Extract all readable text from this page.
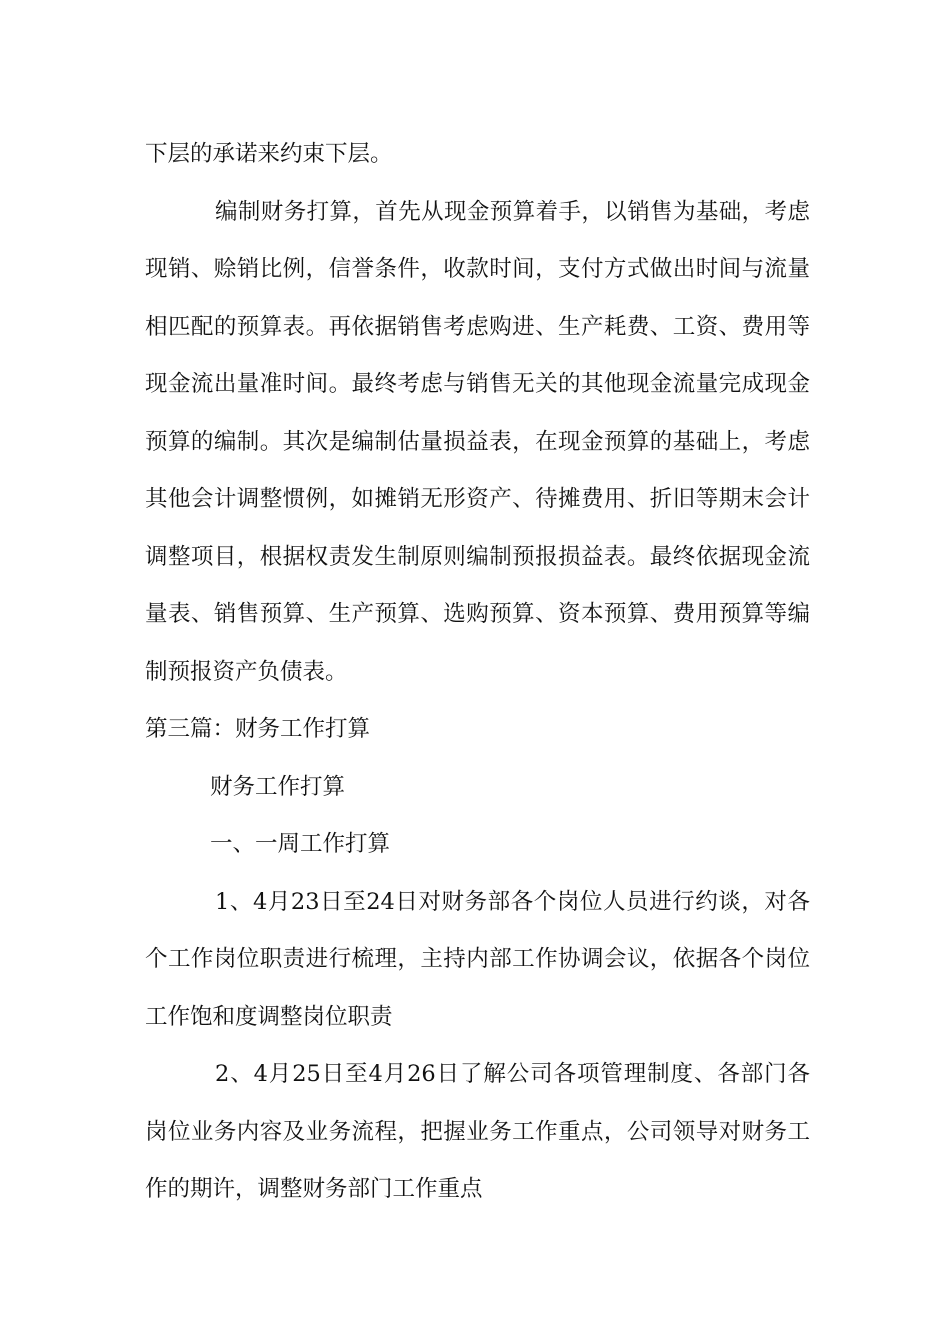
下层的承诺来约束下层。

编制财务打算，首先从现金预算着手，以销售为基础，考虑现销、赊销比例，信誉条件，收款时间，支付方式做出时间与流量相匹配的预算表。再依据销售考虑购进、生产耗费、工资、费用等现金流出量准时间。最终考虑与销售无关的其他现金流量完成现金预算的编制。其次是编制估量损益表，在现金预算的基础上，考虑其他会计调整惯例，如摊销无形资产、待摊费用、折旧等期末会计调整项目，根据权责发生制原则编制预报损益表。最终依据现金流量表、销售预算、生产预算、选购预算、资本预算、费用预算等编制预报资产负债表。

第三篇：财务工作打算

财务工作打算

一、一周工作打算

1、4月23日至24日对财务部各个岗位人员进行约谈，对各个工作岗位职责进行梳理，主持内部工作协调会议，依据各个岗位工作饱和度调整岗位职责

2、4月25日至4月26日了解公司各项管理制度、各部门各岗位业务内容及业务流程，把握业务工作重点，公司领导对财务工作的期许，调整财务部门工作重点
